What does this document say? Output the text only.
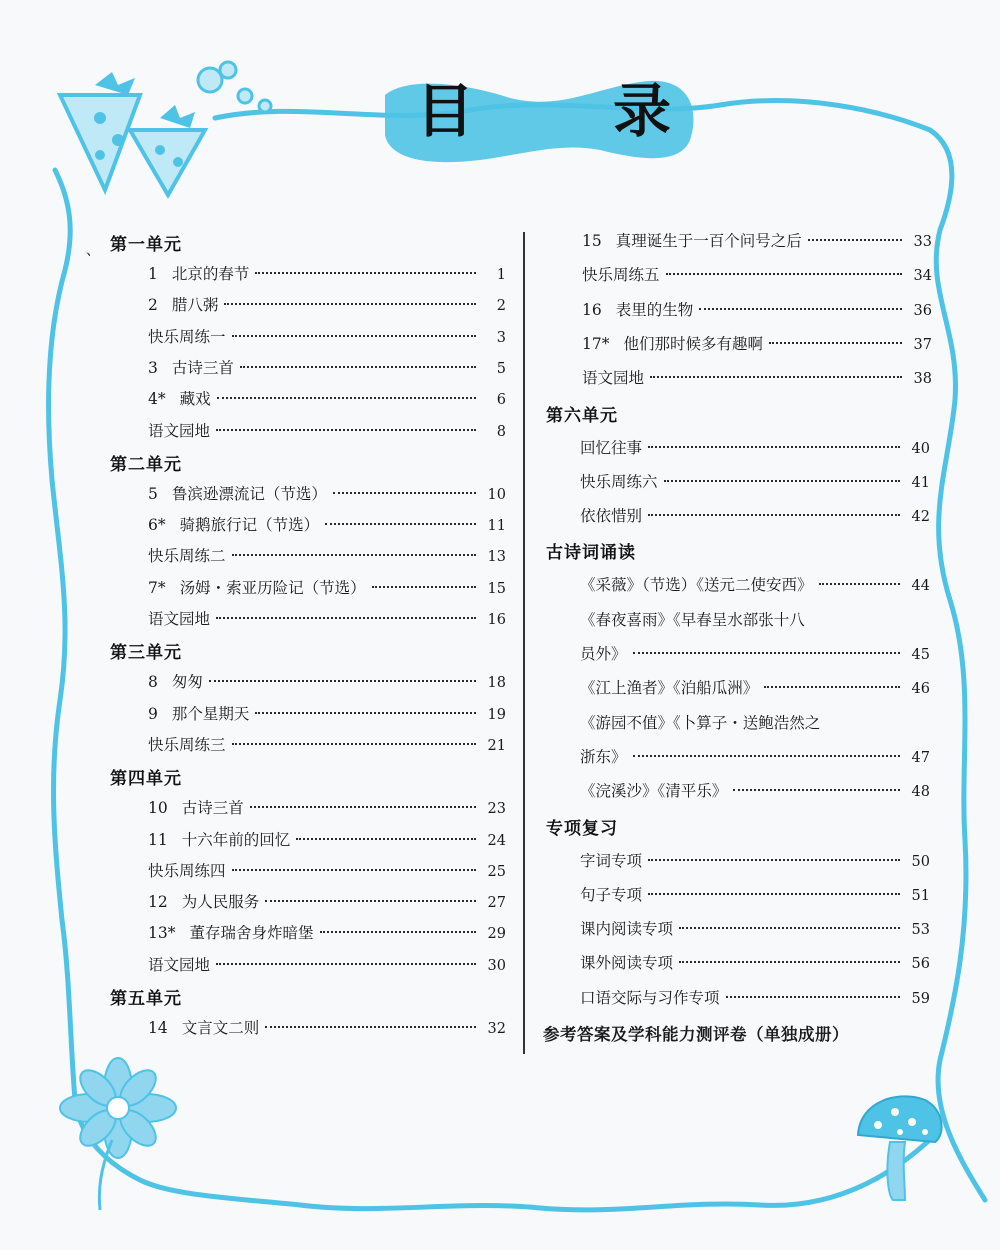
目 录
、 第一单元
1 北京的春节	1
2 腊八粥	2
快乐周练一	3
3 古诗三首	5
4* 藏戏	6
语文园地	8
第二单元
5 鲁滨逊漂流记（节选）	10
6* 骑鹅旅行记（节选）	11
快乐周练二	13
7* 汤姆・索亚历险记（节选）	15
语文园地	16
第三单元
8 匆匆	18
9 那个星期天	19
快乐周练三	21
第四单元
10 古诗三首	23
11 十六年前的回忆	24
快乐周练四	25
12 为人民服务	27
13* 董存瑞舍身炸暗堡	29
语文园地	30
第五单元
14 文言文二则	32
15 真理诞生于一百个问号之后	33
快乐周练五	34
16 表里的生物	36
17* 他们那时候多有趣啊	37
语文园地	38
第六单元
回忆往事	40
快乐周练六	41
依依惜别	42
古诗词诵读
《采薇》（节选）《送元二使安西》	44
《春夜喜雨》《早春呈水部张十八
员外》	45
《江上渔者》《泊船瓜洲》	46
《游园不值》《卜算子・送鲍浩然之
浙东》	47
《浣溪沙》《清平乐》	48
专项复习
字词专项	50
句子专项	51
课内阅读专项	53
课外阅读专项	56
口语交际与习作专项	59
参考答案及学科能力测评卷（单独成册）
